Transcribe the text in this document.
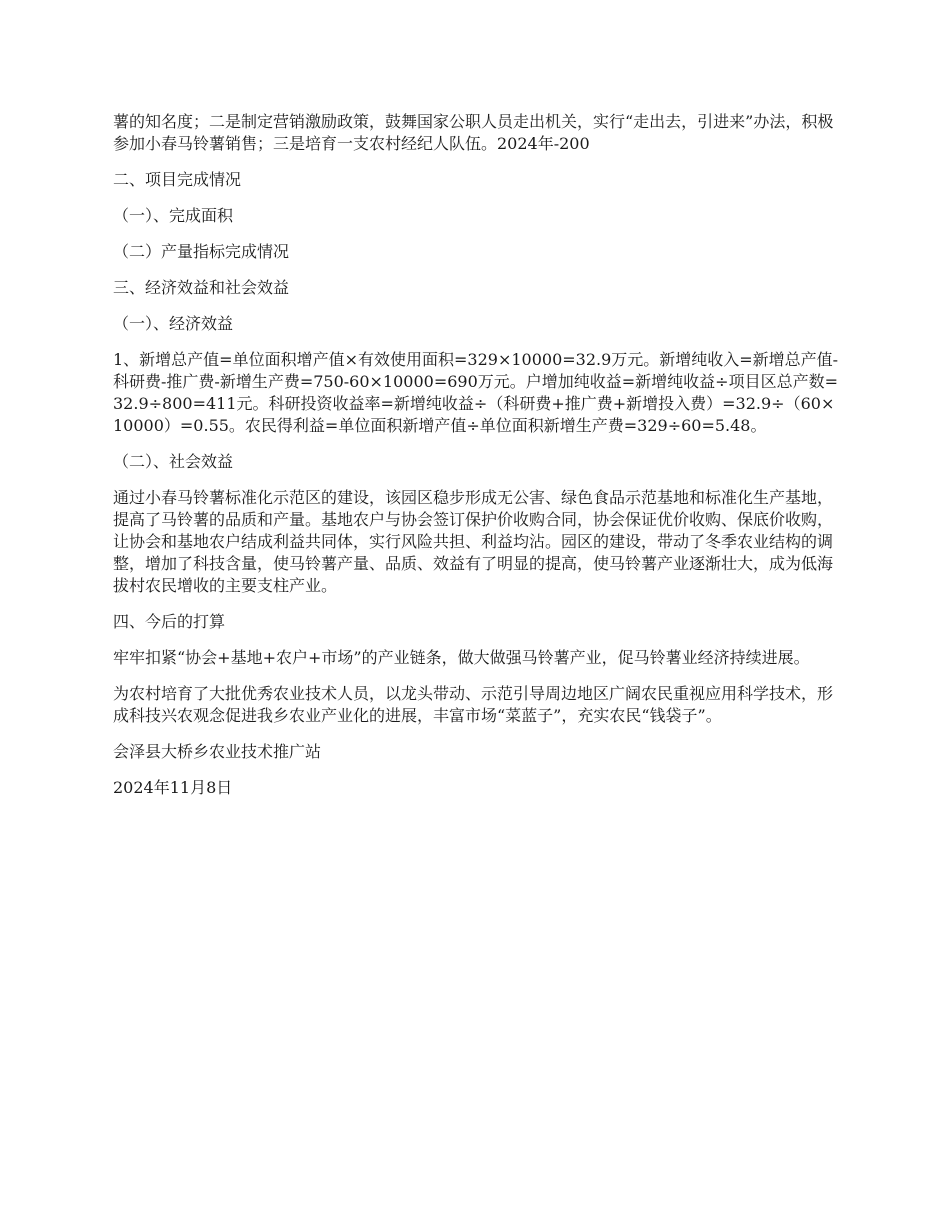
薯的知名度；二是制定营销激励政策，鼓舞国家公职人员走出机关，实行“走出去，引进来”办法，积极参加小春马铃薯销售；三是培育一支农村经纪人队伍。2024年-200

二、项目完成情况

（一）、完成面积

（二）产量指标完成情况

三、经济效益和社会效益

（一）、经济效益

1、新增总产值=单位面积增产值×有效使用面积=329×10000=32.9万元。新增纯收入=新增总产值-科研费-推广费-新增生产费=750-60×10000=690万元。户增加纯收益=新增纯收益÷项目区总产数=32.9÷800=411元。科研投资收益率=新增纯收益÷（科研费+推广费+新增投入费）=32.9÷（60×10000）=0.55。农民得利益=单位面积新增产值÷单位面积新增生产费=329÷60=5.48。

（二）、社会效益

通过小春马铃薯标准化示范区的建设，该园区稳步形成无公害、绿色食品示范基地和标准化生产基地，提高了马铃薯的品质和产量。基地农户与协会签订保护价收购合同，协会保证优价收购、保底价收购，让协会和基地农户结成利益共同体，实行风险共担、利益均沾。园区的建设，带动了冬季农业结构的调整，增加了科技含量，使马铃薯产量、品质、效益有了明显的提高，使马铃薯产业逐渐壮大，成为低海拔村农民增收的主要支柱产业。

四、今后的打算

牢牢扣紧“协会+基地+农户+市场”的产业链条，做大做强马铃薯产业，促马铃薯业经济持续进展。

为农村培育了大批优秀农业技术人员，以龙头带动、示范引导周边地区广阔农民重视应用科学技术，形成科技兴农观念促进我乡农业产业化的进展，丰富市场“菜蓝子”，充实农民“钱袋子”。

会泽县大桥乡农业技术推广站

2024年11月8日
